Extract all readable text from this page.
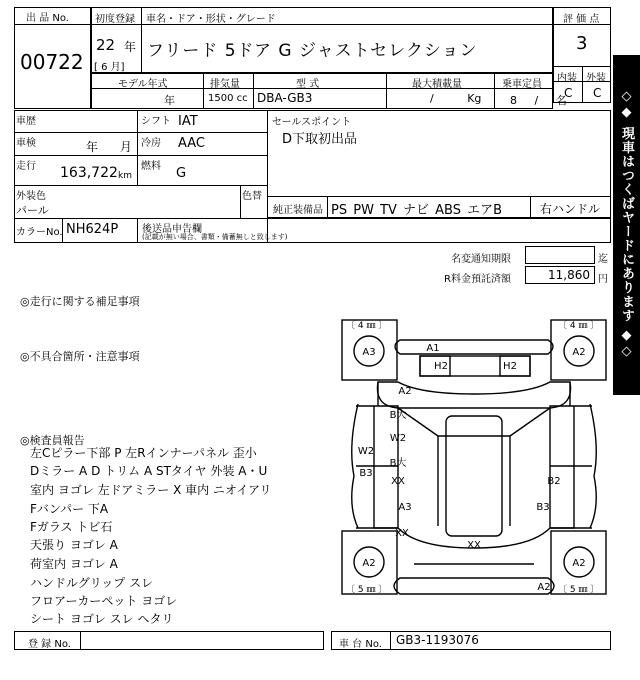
出 品 No.
00722
初度登録 車名・ドア・形状・グレード
22 年
[ 6 月]
フリード 5ドア G ジャストセレクション
評 価 点
3
内装 外装
C C
モデル年式	排気量	型 式	最大積載量	乗車定員
年	1500 cc DBA-GB3	/ Kg	8 / 名
車歴
車検	年 月
走行 163,722 km
シフト IAT
冷房 AAC
燃料 G
セールスポイント
D下取初出品
外装色
パール
色替
純正装備品 PS PW TV ナビ ABS エアB	右ハンドル
カラーNo. NH624P 後送品申告欄
(記載が無い場合、書類・備蓄無しと致します)
名変通知期限	迄
R料金預託済額	11,860 円
◎走行に関する補足事項
◎不具合箇所・注意事項
◎検査員報告
左Cピラー下部 P 左Rインナーパネル 歪小
Dミラー A D トリム A STタイヤ 外装 A・U
室内 ヨゴレ 左ドアミラー X 車内 ニオイアリ
Fバンパー 下A
Fガラス トビ石
天張り ヨゴレ A
荷室内 ヨゴレ A
ハンドルグリップ スレ
フロアーカーペット ヨゴレ
シート ヨゴレ スレ ヘタリ
A3	A2
A2	A2
A1
H2	H2
A2
B大
W2
W2
B3
B大
XX	B2
A3	B3
XX
XX
A2
〔 4 ㎜ 〕	〔 4 ㎜ 〕
〔 5 ㎜ 〕	〔 5 ㎜ 〕
登 録 No.	車 台 No. GB3-1193076
◇◆ 現車はつくばヤードにあります ◆◇
